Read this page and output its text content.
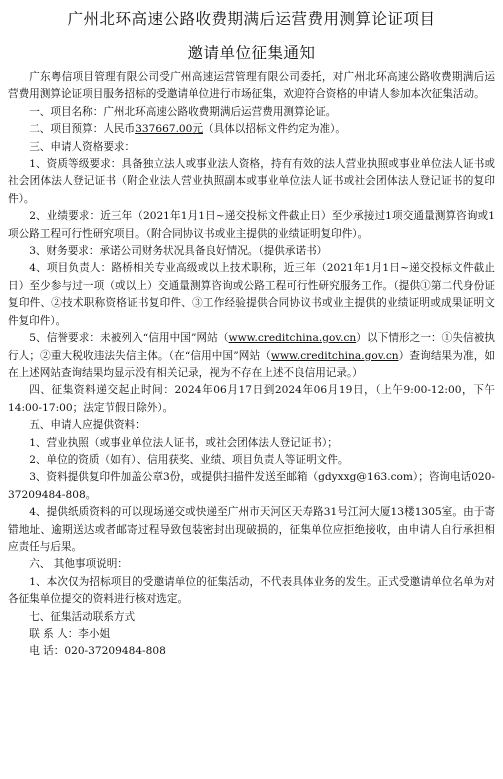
广州北环高速公路收费期满后运营费用测算论证项目
邀请单位征集通知

广东粤信项目管理有限公司受广州高速运营管理有限公司委托，对广州北环高速公路收费期满后运营费用测算论证项目服务招标的受邀请单位进行市场征集，欢迎符合资格的申请人参加本次征集活动。

一、项目名称：广州北环高速公路收费期满后运营费用测算论证。

二、项目预算：人民币337667.00元（具体以招标文件约定为准）。

三、申请人资格要求：

1、资质等级要求：具备独立法人或事业法人资格，持有有效的法人营业执照或事业单位法人证书或社会团体法人登记证书（附企业法人营业执照副本或事业单位法人证书或社会团体法人登记证书的复印件）。

2、业绩要求：近三年（2021年1月1日~递交投标文件截止日）至少承接过1项交通量测算咨询或1项公路工程可行性研究项目。（附合同协议书或业主提供的业绩证明复印件）。

3、财务要求：承诺公司财务状况具备良好情况。（提供承诺书）

4、项目负责人：路桥相关专业高级或以上技术职称，近三年（2021年1月1日~递交投标文件截止日）至少参与过一项（或以上）交通量测算咨询或公路工程可行性研究服务工作。（提供①第二代身份证复印件、②技术职称资格证书复印件、③工作经验提供合同协议书或业主提供的业绩证明或成果证明文件复印件）。

5、信誉要求：未被列入“信用中国”网站（www.creditchina.gov.cn）以下情形之一：①失信被执行人；②重大税收违法失信主体。（在“信用中国”网站（www.creditchina.gov.cn）查询结果为准，如在上述网站查询结果均显示没有相关记录，视为不存在上述不良信用记录。）

四、征集资料递交起止时间：2024年06月17日到2024年06月19日，（上午9:00-12:00，下午14:00-17:00；法定节假日除外）。

五、申请人应提供资料：

1、营业执照（或事业单位法人证书，或社会团体法人登记证书）；

2、单位的资质（如有）、信用获奖、业绩、项目负责人等证明文件。

3、资料提供复印件加盖公章3份，或提供扫描件发送至邮箱（gdyxxg@163.com）；咨询电话020-37209484-808。

4、提供纸质资料的可以现场递交或快递至广州市天河区天寿路31号江河大厦13楼1305室。由于寄错地址、逾期送达或者邮寄过程导致包装密封出现破损的，征集单位应拒绝接收，由申请人自行承担相应责任与后果。

六、 其他事项说明：

1、本次仅为招标项目的受邀请单位的征集活动，不代表具体业务的发生。正式受邀请单位名单为对各征集单位提交的资料进行核对选定。

七、征集活动联系方式

联 系 人：李小姐

电 话：020-37209484-808
